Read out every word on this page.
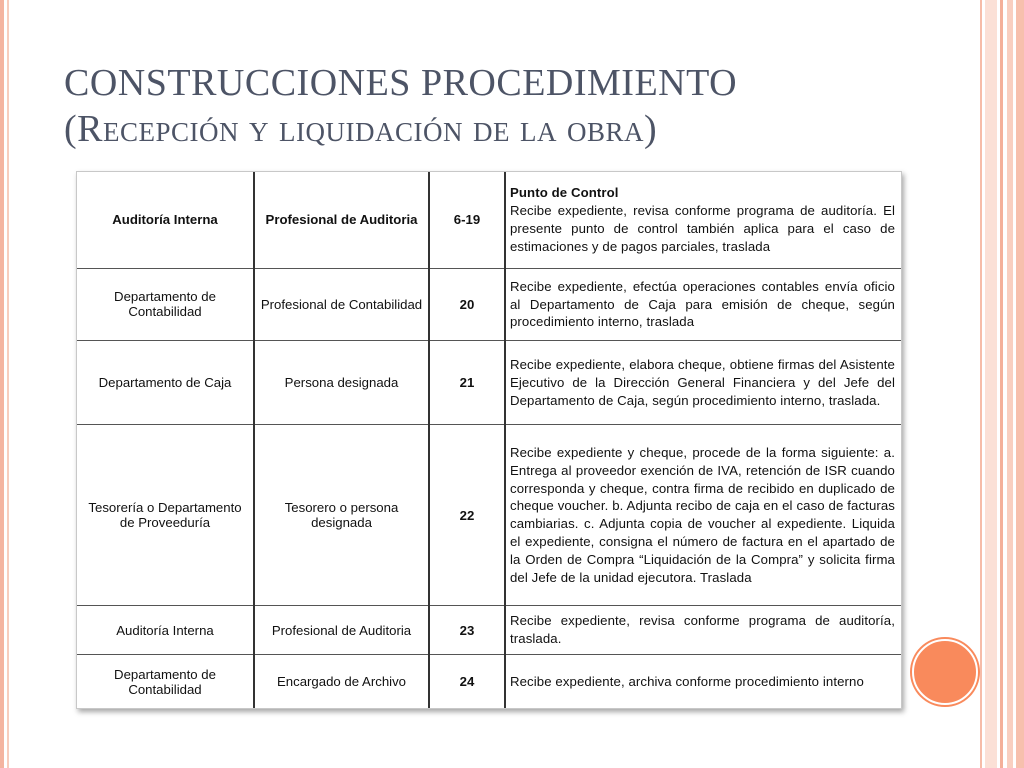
CONSTRUCCIONES PROCEDIMIENTO
(Recepción y liquidación de la obra)
Auditoría Interna	Profesional de Auditoria	6-19	Punto de Control
Recibe expediente, revisa conforme programa de auditoría. El presente punto de control también aplica para el caso de estimaciones y de pagos parciales, traslada
Departamento de Contabilidad	Profesional de Contabilidad	20	Recibe expediente, efectúa operaciones contables envía oficio al Departamento de Caja para emisión de cheque, según procedimiento interno, traslada
Departamento de Caja	Persona designada	21	Recibe expediente, elabora cheque, obtiene firmas del Asistente Ejecutivo de la Dirección General Financiera y del Jefe del Departamento de Caja, según procedimiento interno, traslada.
Tesorería o Departamento de Proveeduría	Tesorero o persona designada	22	Recibe expediente y cheque, procede de la forma siguiente: a. Entrega al proveedor exención de IVA, retención de ISR cuando corresponda y cheque, contra firma de recibido en duplicado de cheque voucher. b. Adjunta recibo de caja en el caso de facturas cambiarias. c. Adjunta copia de voucher al expediente. Liquida el expediente, consigna el número de factura en el apartado de la Orden de Compra “Liquidación de la Compra” y solicita firma del Jefe de la unidad ejecutora. Traslada
Auditoría Interna	Profesional de Auditoria	23	Recibe expediente, revisa conforme programa de auditoría, traslada.
Departamento de Contabilidad	Encargado de Archivo	24	Recibe expediente, archiva conforme procedimiento interno
